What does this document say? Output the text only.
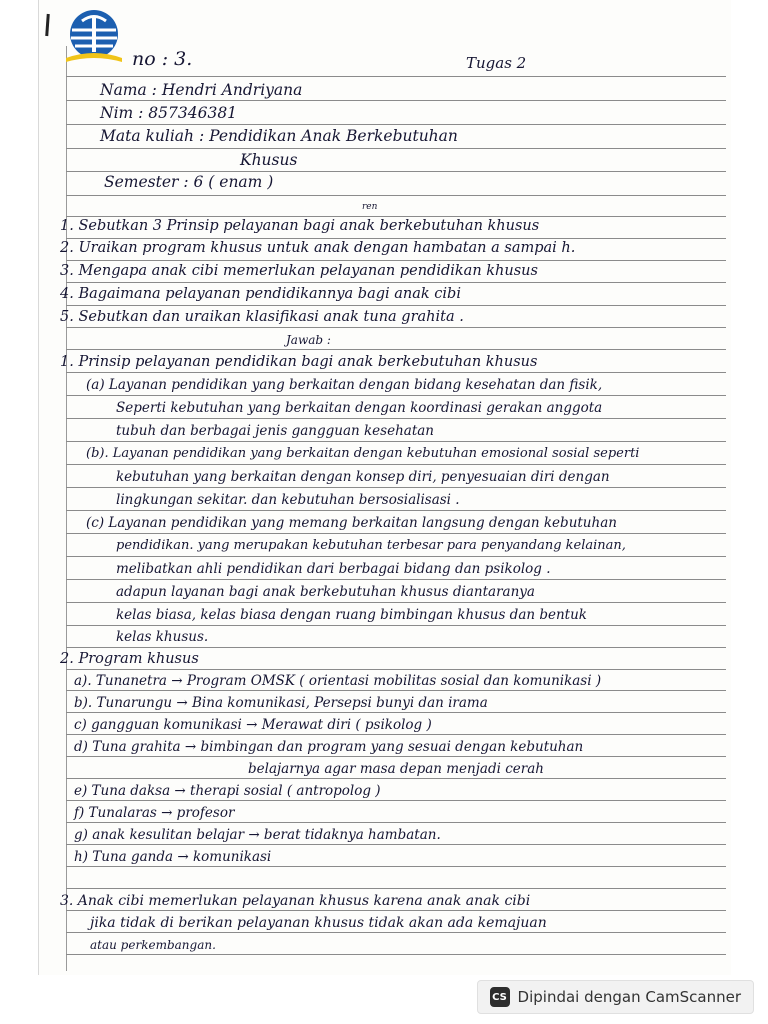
no : 3.	Tugas 2
Nama : Hendri Andriyana
Nim : 857346381
Mata kuliah : Pendidikan Anak Berkebutuhan
Khusus
Semester : 6 ( enam )
ren
1. Sebutkan 3 Prinsip pelayanan bagi anak berkebutuhan khusus
2. Uraikan program khusus untuk anak dengan hambatan a sampai h.
3. Mengapa anak cibi memerlukan pelayanan pendidikan khusus
4. Bagaimana pelayanan pendidikannya bagi anak cibi
5. Sebutkan dan uraikan klasifikasi anak tuna grahita .
Jawab :
1. Prinsip pelayanan pendidikan bagi anak berkebutuhan khusus
(a) Layanan pendidikan yang berkaitan dengan bidang kesehatan dan fisik,
Seperti kebutuhan yang berkaitan dengan koordinasi gerakan anggota
tubuh dan berbagai jenis gangguan kesehatan
(b). Layanan pendidikan yang berkaitan dengan kebutuhan emosional sosial seperti
kebutuhan yang berkaitan dengan konsep diri, penyesuaian diri dengan
lingkungan sekitar. dan kebutuhan bersosialisasi .
(c) Layanan pendidikan yang memang berkaitan langsung dengan kebutuhan
pendidikan. yang merupakan kebutuhan terbesar para penyandang kelainan,
melibatkan ahli pendidikan dari berbagai bidang dan psikolog .
adapun layanan bagi anak berkebutuhan khusus diantaranya
kelas biasa, kelas biasa dengan ruang bimbingan khusus dan bentuk
kelas khusus.
2. Program khusus
a). Tunanetra → Program OMSK ( orientasi mobilitas sosial dan komunikasi )
b). Tunarungu → Bina komunikasi, Persepsi bunyi dan irama
c) gangguan komunikasi → Merawat diri ( psikolog )
d) Tuna grahita → bimbingan dan program yang sesuai dengan kebutuhan
belajarnya agar masa depan menjadi cerah
e) Tuna daksa → therapi sosial ( antropolog )
f) Tunalaras → profesor
g) anak kesulitan belajar → berat tidaknya hambatan.
h) Tuna ganda → komunikasi
3. Anak cibi memerlukan pelayanan khusus karena anak anak cibi
jika tidak di berikan pelayanan khusus tidak akan ada kemajuan
atau perkembangan.
CS Dipindai dengan CamScanner
